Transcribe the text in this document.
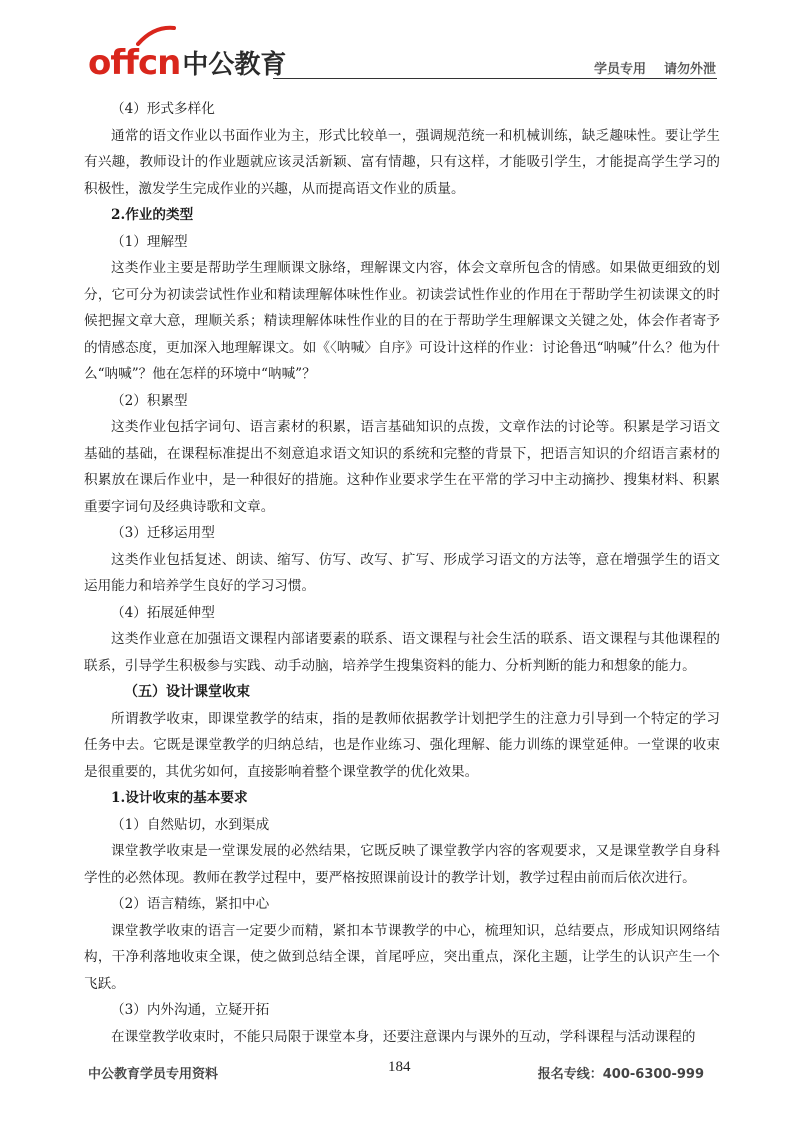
offcn 中公教育	学员专用 请勿外泄

（4）形式多样化

通常的语文作业以书面作业为主，形式比较单一，强调规范统一和机械训练，缺乏趣味性。要让学生有兴趣，教师设计的作业题就应该灵活新颖、富有情趣，只有这样，才能吸引学生，才能提高学生学习的积极性，激发学生完成作业的兴趣，从而提高语文作业的质量。

2.作业的类型

（1）理解型

这类作业主要是帮助学生理顺课文脉络，理解课文内容，体会文章所包含的情感。如果做更细致的划分，它可分为初读尝试性作业和精读理解体味性作业。初读尝试性作业的作用在于帮助学生初读课文的时候把握文章大意，理顺关系；精读理解体味性作业的目的在于帮助学生理解课文关键之处，体会作者寄予的情感态度，更加深入地理解课文。如《〈呐喊〉自序》可设计这样的作业：讨论鲁迅“呐喊”什么？他为什么“呐喊”？他在怎样的环境中“呐喊”？

（2）积累型

这类作业包括字词句、语言素材的积累，语言基础知识的点拨，文章作法的讨论等。积累是学习语文基础的基础，在课程标准提出不刻意追求语文知识的系统和完整的背景下，把语言知识的介绍语言素材的积累放在课后作业中，是一种很好的措施。这种作业要求学生在平常的学习中主动摘抄、搜集材料、积累重要字词句及经典诗歌和文章。

（3）迁移运用型

这类作业包括复述、朗读、缩写、仿写、改写、扩写、形成学习语文的方法等，意在增强学生的语文运用能力和培养学生良好的学习习惯。

（4）拓展延伸型

这类作业意在加强语文课程内部诸要素的联系、语文课程与社会生活的联系、语文课程与其他课程的联系，引导学生积极参与实践、动手动脑，培养学生搜集资料的能力、分析判断的能力和想象的能力。

（五）设计课堂收束

所谓教学收束，即课堂教学的结束，指的是教师依据教学计划把学生的注意力引导到一个特定的学习任务中去。它既是课堂教学的归纳总结，也是作业练习、强化理解、能力训练的课堂延伸。一堂课的收束是很重要的，其优劣如何，直接影响着整个课堂教学的优化效果。

1.设计收束的基本要求

（1）自然贴切，水到渠成

课堂教学收束是一堂课发展的必然结果，它既反映了课堂教学内容的客观要求，又是课堂教学自身科学性的必然体现。教师在教学过程中，要严格按照课前设计的教学计划，教学过程由前而后依次进行。

（2）语言精练，紧扣中心

课堂教学收束的语言一定要少而精，紧扣本节课教学的中心，梳理知识，总结要点，形成知识网络结构，干净利落地收束全课，使之做到总结全课，首尾呼应，突出重点，深化主题，让学生的认识产生一个飞跃。

（3）内外沟通，立疑开拓

在课堂教学收束时，不能只局限于课堂本身，还要注意课内与课外的互动，学科课程与活动课程的

中公教育学员专用资料	184	报名专线：400-6300-999
